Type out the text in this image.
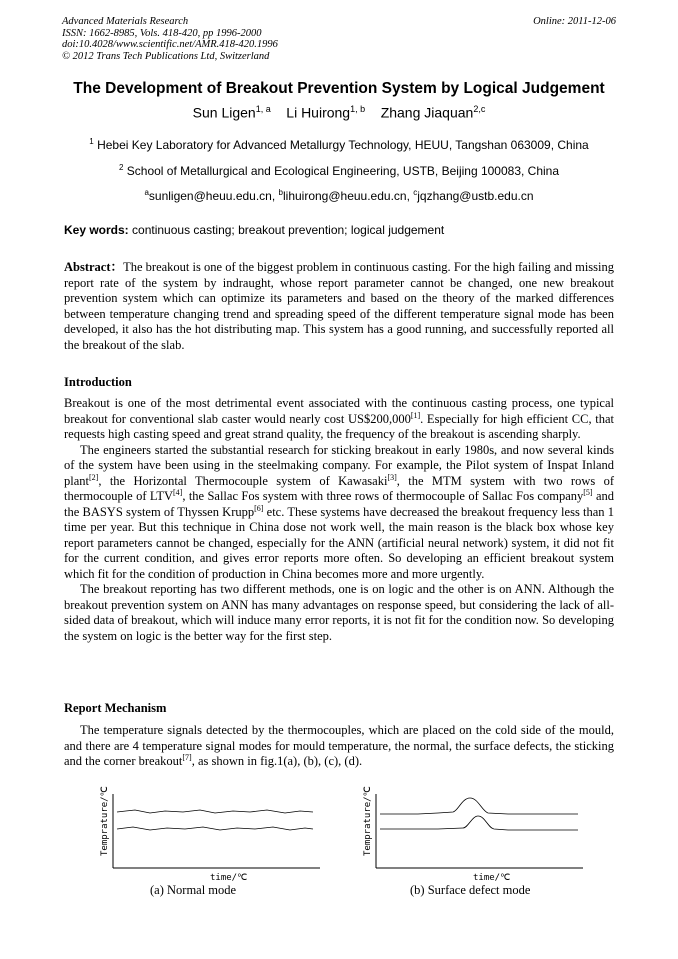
Advanced Materials Research
ISSN: 1662-8985, Vols. 418-420, pp 1996-2000
doi:10.4028/www.scientific.net/AMR.418-420.1996
© 2012 Trans Tech Publications Ltd, Switzerland
Online: 2011-12-06
The Development of Breakout Prevention System by Logical Judgement
Sun Ligen$^{1, a}$ Li Huirong$^{1, b}$ Zhang Jiaquan$^{2,c}$
$^1$ Hebei Key Laboratory for Advanced Metallurgy Technology, HEUU, Tangshan 063009, China
$^2$ School of Metallurgical and Ecological Engineering, USTB, Beijing 100083, China
$^a$sunligen@heuu.edu.cn, $^b$lihuirong@heuu.edu.cn, $^c$jqzhang@ustb.edu.cn
Key words: continuous casting; breakout prevention; logical judgement

Abstract：The breakout is one of the biggest problem in continuous casting. For the high failing and missing report rate of the system by indraught, whose report parameter cannot be changed, one new breakout prevention system which can optimize its parameters and based on the theory of the marked differences between temperature changing trend and spreading speed of the different temperature signal mode has been developed, it also has the hot distributing map. This system has a good running, and successfully reported all the breakout of the slab.

Introduction

Breakout is one of the most detrimental event associated with the continuous casting process, one typical breakout for conventional slab caster would nearly cost US$200,000[1]. Especially for high efficient CC, that requests high casting speed and great strand quality, the frequency of the breakout is ascending sharply.

The engineers started the substantial research for sticking breakout in early 1980s, and now several kinds of the system have been using in the steelmaking company. For example, the Pilot system of Inspat Inland plant[2], the Horizontal Thermocouple system of Kawasaki[3], the MTM system with two rows of thermocouple of LTV[4], the Sallac Fos system with three rows of thermocouple of Sallac Fos company[5] and the BASYS system of Thyssen Krupp[6] etc. These systems have decreased the breakout frequency less than 1 time per year. But this technique in China dose not work well, the main reason is the black box whose key report parameters cannot be changed, especially for the ANN (artificial neural network) system, it did not fit for the current condition, and gives error reports more often. So developing an efficient breakout system which fit for the condition of production in China becomes more and more urgently.

The breakout reporting has two different methods, one is on logic and the other is on ANN. Although the breakout prevention system on ANN has many advantages on response speed, but considering the lack of all-sided data of breakout, which will induce many error reports, it is not fit for the condition now. So developing the system on logic is the better way for the first step.

Report Mechanism

The temperature signals detected by the thermocouples, which are placed on the cold side of the mould, and there are 4 temperature signal modes for mould temperature, the normal, the surface defects, the sticking and the corner breakout[7], as shown in fig.1(a), (b), (c), (d).

Temprature/℃
time/℃
(a) Normal mode
Temprature/℃
time/℃
(b) Surface defect mode
